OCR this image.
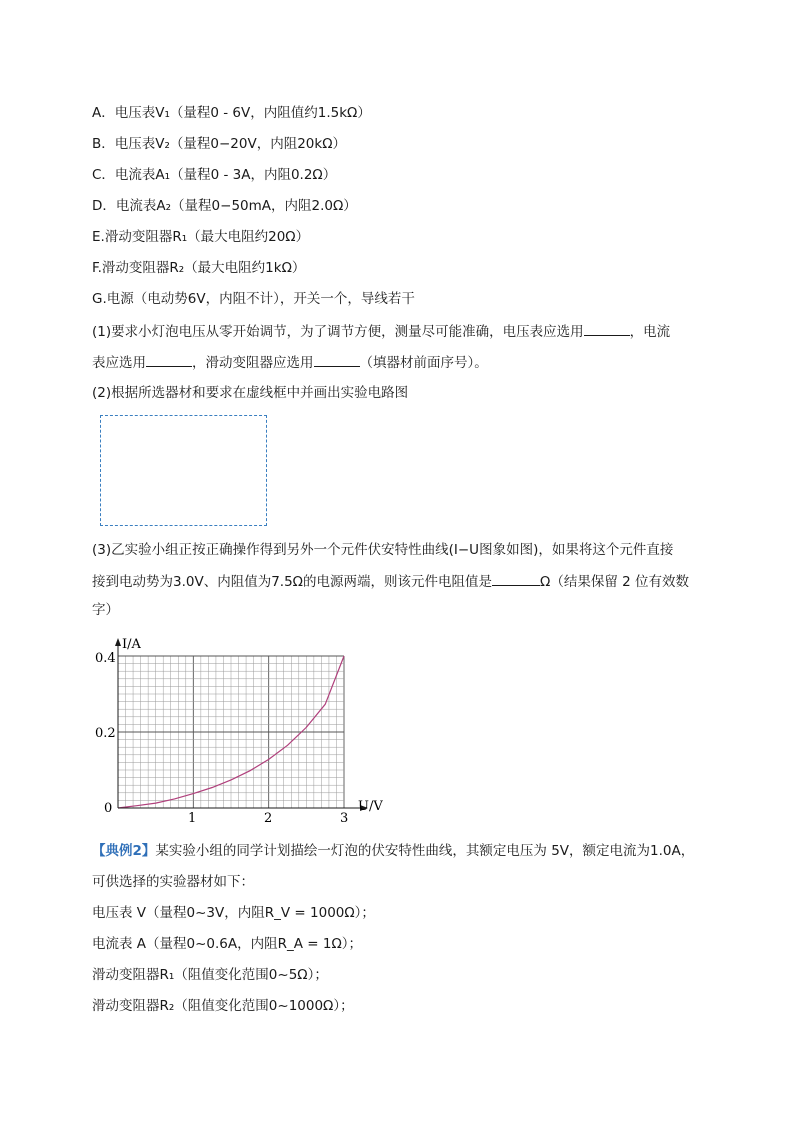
A．电压表V₁（量程0 - 6V，内阻值约1.5kΩ）
B．电压表V₂（量程0−20V，内阻20kΩ）
C．电流表A₁（量程0 - 3A，内阻0.2Ω）
D．电流表A₂（量程0−50mA，内阻2.0Ω）
E.滑动变阻器R₁（最大电阻约20Ω）
F.滑动变阻器R₂（最大电阻约1kΩ）
G.电源（电动势6V，内阻不计），开关一个，导线若干
(1)要求小灯泡电压从零开始调节，为了调节方便，测量尽可能准确，电压表应选用	，电流
表应选用	，滑动变阻器应选用	（填器材前面序号）。
(2)根据所选器材和要求在虚线框中并画出实验电路图
(3)乙实验小组正按正确操作得到另外一个元件伏安特性曲线(I−U图象如图)，如果将这个元件直接
接到电动势为3.0V、内阻值为7.5Ω的电源两端，则该元件电阻值是	Ω（结果保留 2 位有效数
字）
I/A
U/V
0
0.2
0.4
1	2	3
【典例2】某实验小组的同学计划描绘一灯泡的伏安特性曲线，其额定电压为 5V，额定电流为1.0A，
可供选择的实验器材如下：
电压表 V（量程0~3V，内阻R_V = 1000Ω）；
电流表 A（量程0~0.6A，内阻R_A = 1Ω）；
滑动变阻器R₁（阻值变化范围0~5Ω）；
滑动变阻器R₂（阻值变化范围0~1000Ω）；
